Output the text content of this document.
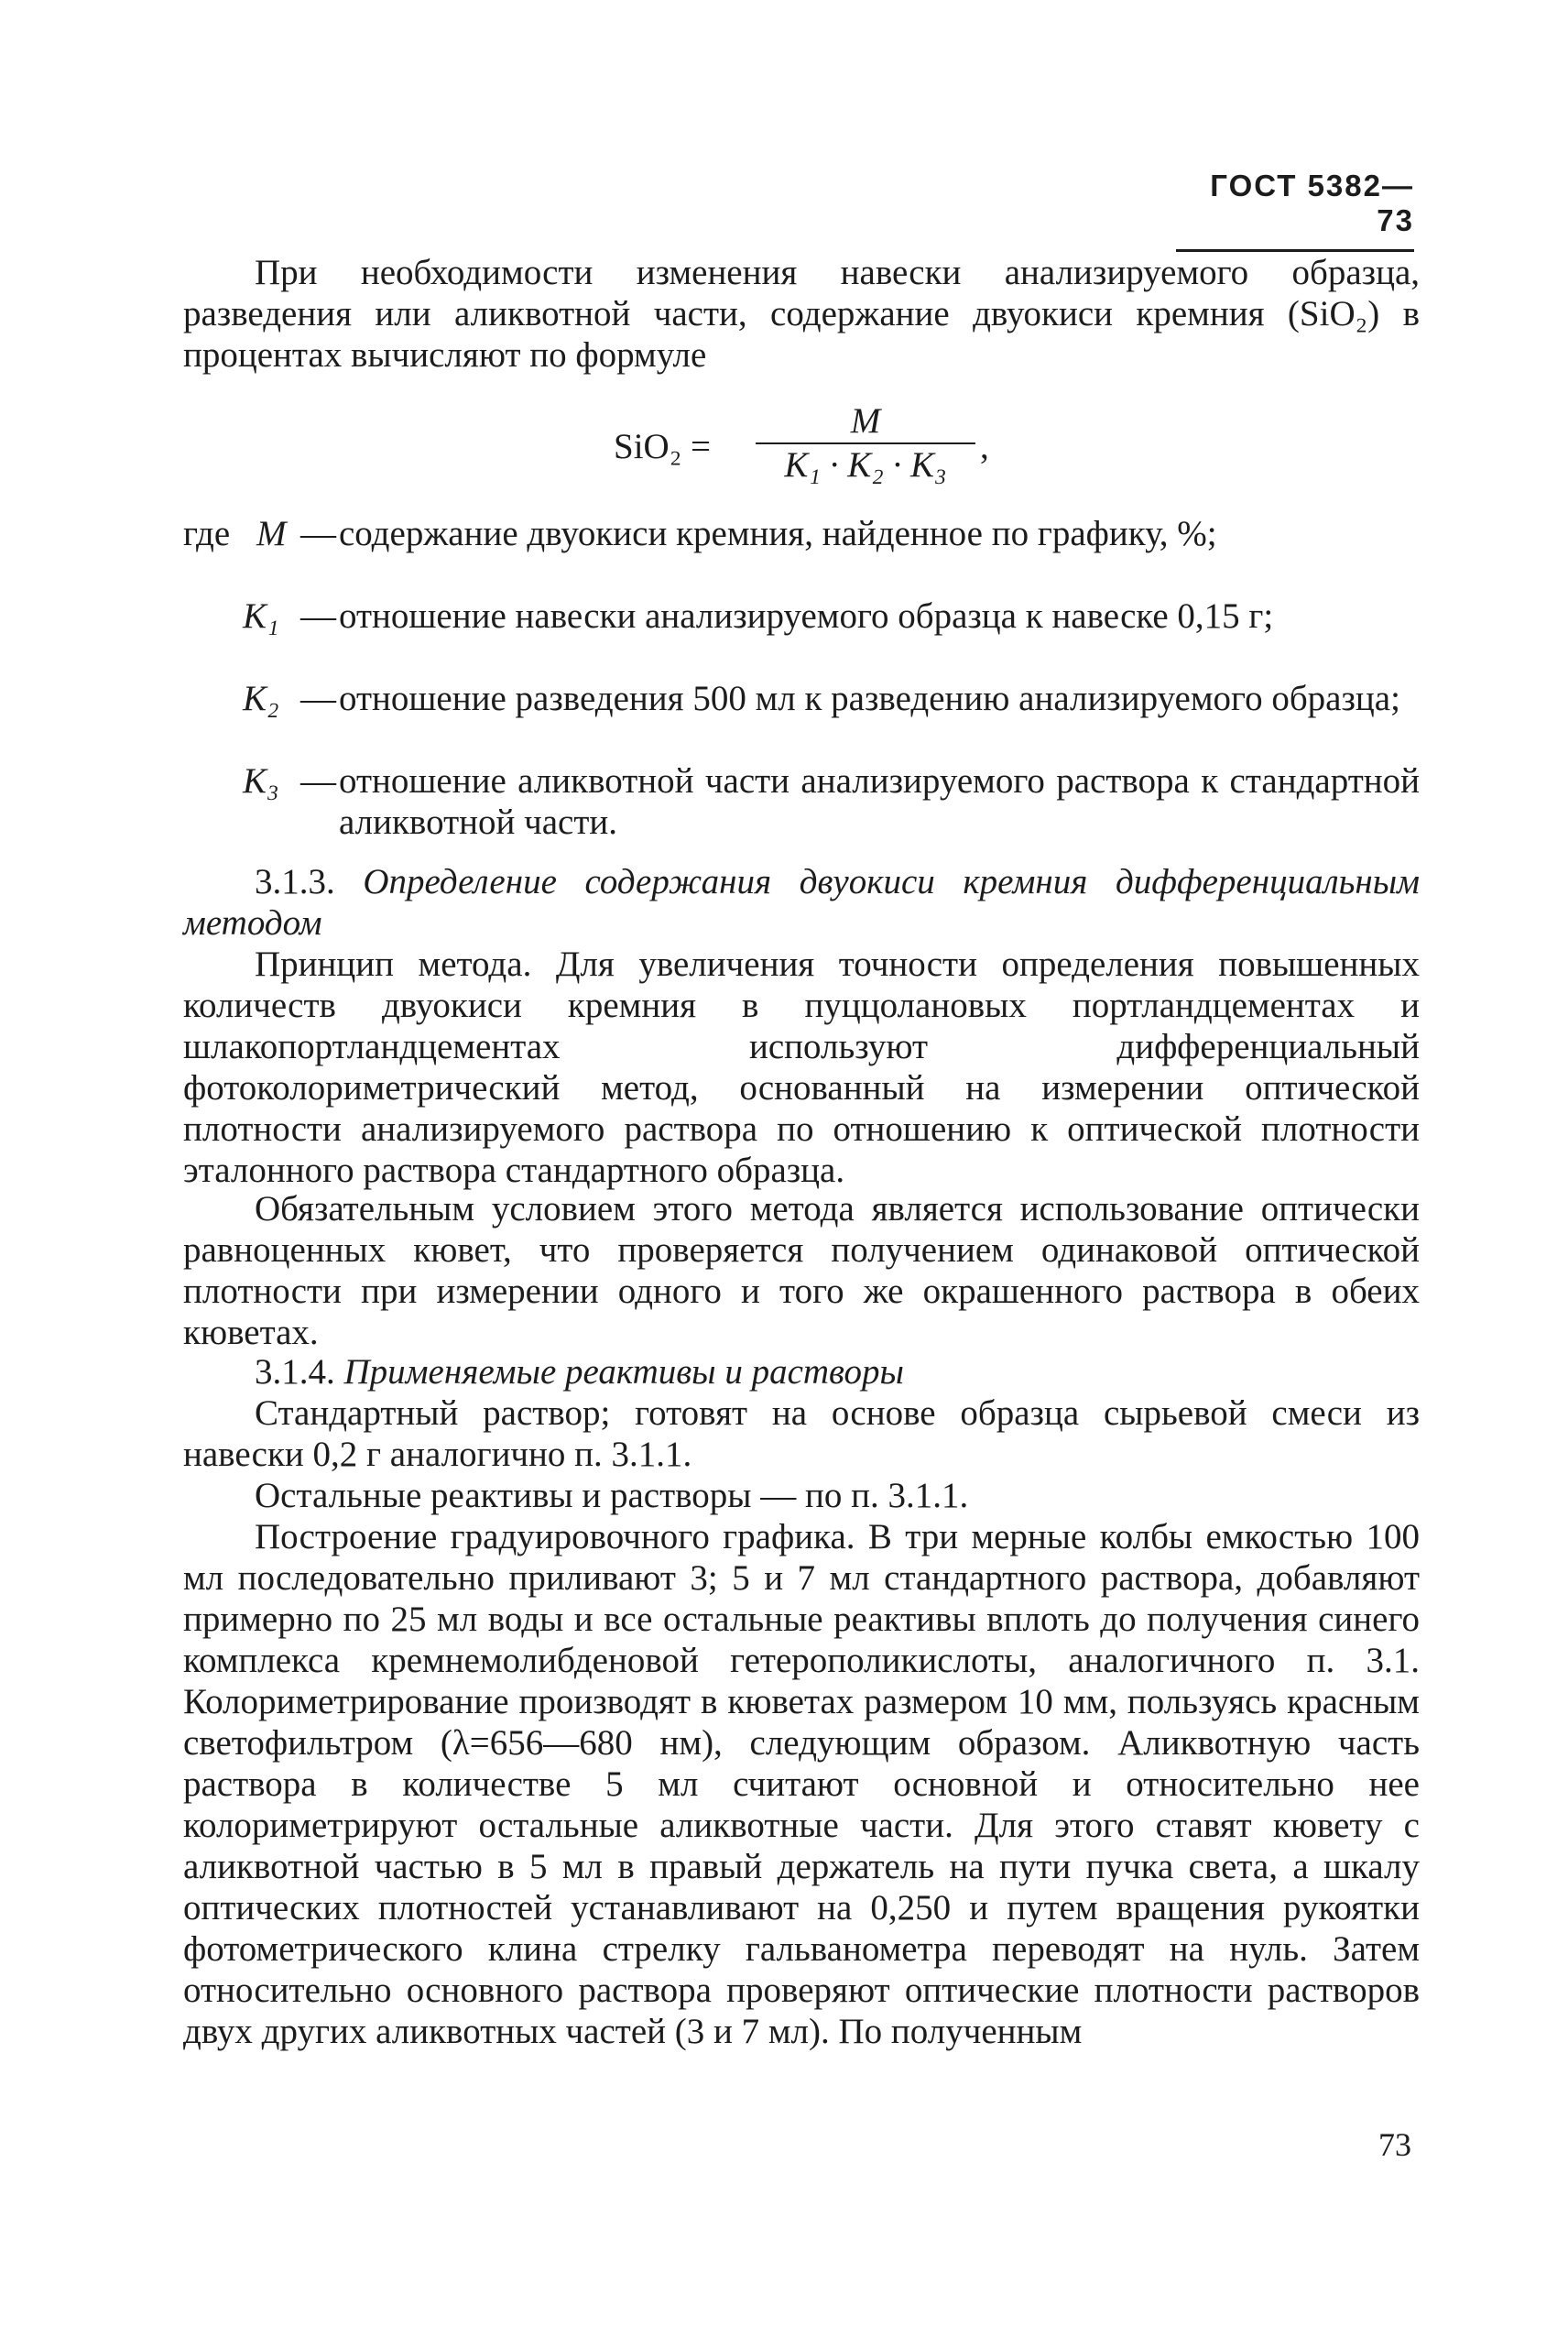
ГОСТ 5382—73
При необходимости изменения навески анализируемого образца, разведения или аликвотной части, содержание двуокиси кремния (SiO₂) в процентах вычисляют по формуле
SiO₂ =
M
K₁ · K₂ · K₃ ,
где M — содержание двуокиси кремния, найденное по графику, %;
K₁ — отношение навески анализируемого образца к навеске 0,15 г;
K₂ — отношение разведения 500 мл к разведению анализируемого образца;
K₃ — отношение аликвотной части анализируемого раствора к стандартной аликвотной части.
3.1.3. Определение содержания двуокиси кремния дифференциальным методом
Принцип метода. Для увеличения точности определения повышенных количеств двуокиси кремния в пуццолановых портландцементах и шлакопортландцементах используют дифференциальный фотоколориметрический метод, основанный на измерении оптической плотности анализируемого раствора по отношению к оптической плотности эталонного раствора стандартного образца.
Обязательным условием этого метода является использование оптически равноценных кювет, что проверяется получением одинаковой оптической плотности при измерении одного и того же окрашенного раствора в обеих кюветах.
3.1.4. Применяемые реактивы и растворы
Стандартный раствор; готовят на основе образца сырьевой смеси из навески 0,2 г аналогично п. 3.1.1.
Остальные реактивы и растворы — по п. 3.1.1.
Построение градуировочного графика. В три мерные колбы емкостью 100 мл последовательно приливают 3; 5 и 7 мл стандартного раствора, добавляют примерно по 25 мл воды и все остальные реактивы вплоть до получения синего комплекса кремнемолибденовой гетерополикислоты, аналогичного п. 3.1. Колориметрирование производят в кюветах размером 10 мм, пользуясь красным светофильтром (λ=656—680 нм), следующим образом. Аликвотную часть раствора в количестве 5 мл считают основной и относительно нее колориметрируют остальные аликвотные части. Для этого ставят кювету с аликвотной частью в 5 мл в правый держатель на пути пучка света, а шкалу оптических плотностей устанавливают на 0,250 и путем вращения рукоятки фотометрического клина стрелку гальванометра переводят на нуль. Затем относительно основного раствора проверяют оптические плотности растворов двух других аликвотных частей (3 и 7 мл). По полученным
73
